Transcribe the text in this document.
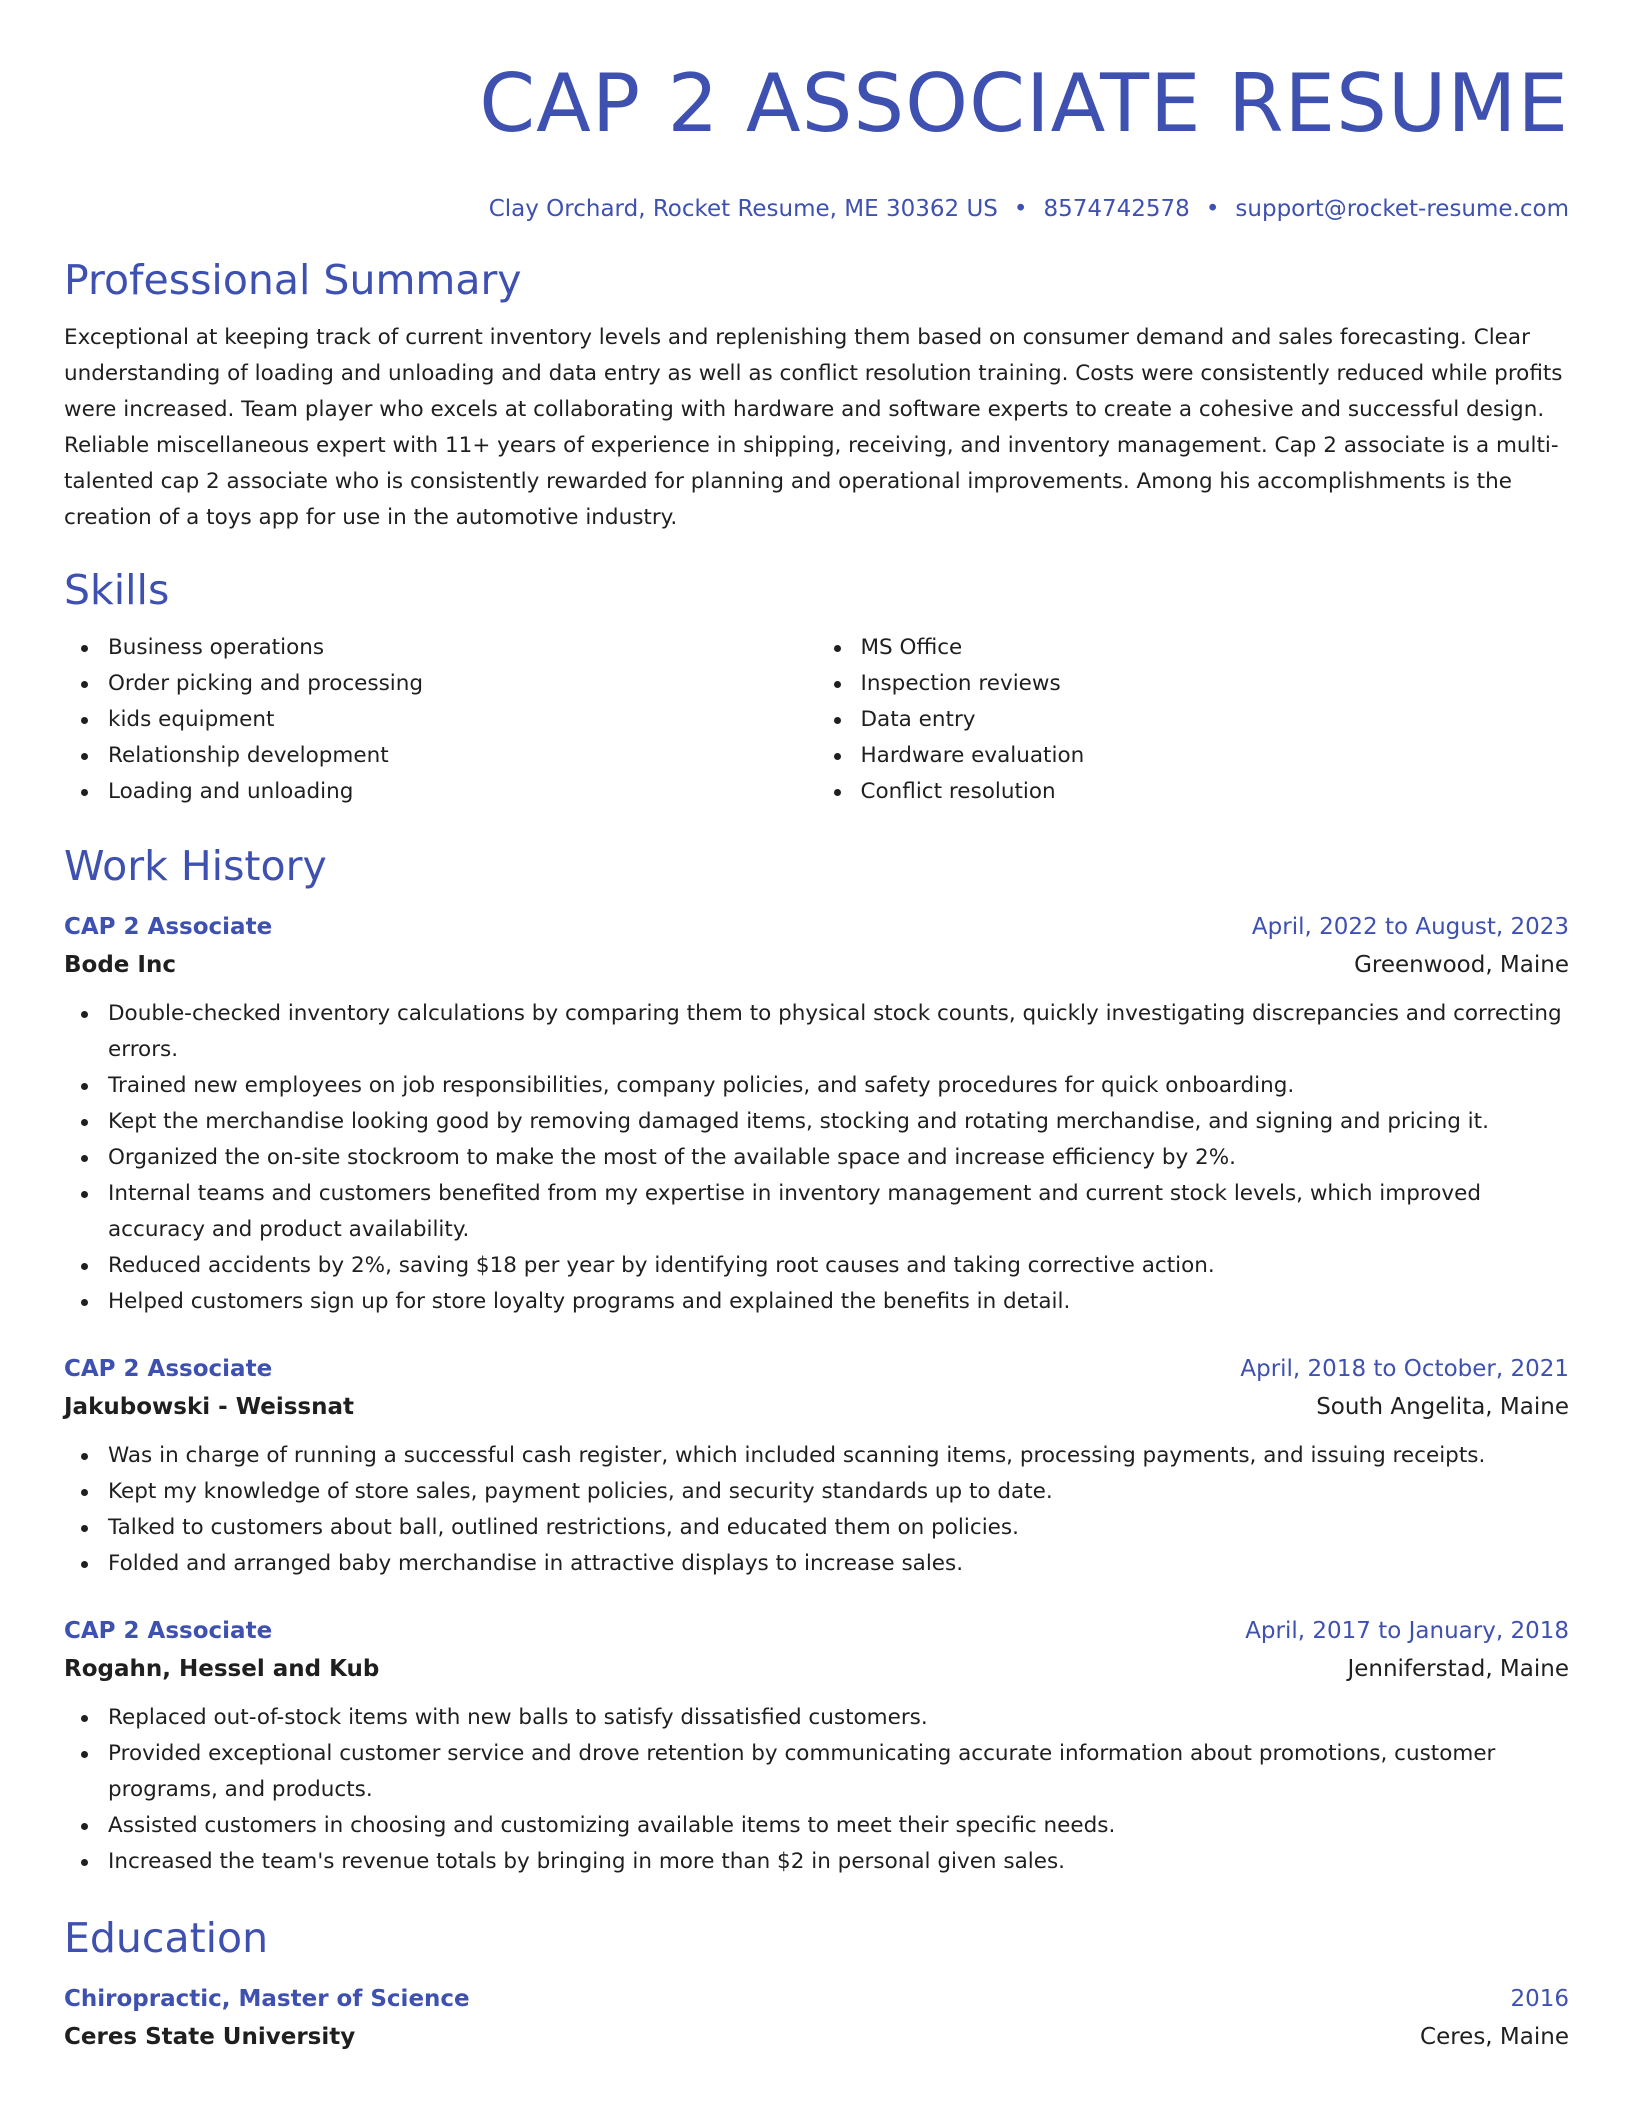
CAP 2 ASSOCIATE RESUME
Clay Orchard, Rocket Resume, ME 30362 US • 8574742578 • support@rocket-resume.com
Professional Summary

Exceptional at keeping track of current inventory levels and replenishing them based on consumer demand and sales forecasting. Clear understanding of loading and unloading and data entry as well as conflict resolution training. Costs were consistently reduced while profits were increased. Team player who excels at collaborating with hardware and software experts to create a cohesive and successful design. Reliable miscellaneous expert with 11+ years of experience in shipping, receiving, and inventory management. Cap 2 associate is a multi-talented cap 2 associate who is consistently rewarded for planning and operational improvements. Among his accomplishments is the creation of a toys app for use in the automotive industry.

Skills
Business operations
Order picking and processing
kids equipment
Relationship development
Loading and unloading
MS Office
Inspection reviews
Data entry
Hardware evaluation
Conflict resolution
Work History
CAP 2 Associate	April, 2022 to August, 2023
Bode Inc	Greenwood, Maine
Double-checked inventory calculations by comparing them to physical stock counts, quickly investigating discrepancies and correcting errors.
Trained new employees on job responsibilities, company policies, and safety procedures for quick onboarding.
Kept the merchandise looking good by removing damaged items, stocking and rotating merchandise, and signing and pricing it.
Organized the on-site stockroom to make the most of the available space and increase efficiency by 2%.
Internal teams and customers benefited from my expertise in inventory management and current stock levels, which improved accuracy and product availability.
Reduced accidents by 2%, saving $18 per year by identifying root causes and taking corrective action.
Helped customers sign up for store loyalty programs and explained the benefits in detail.
CAP 2 Associate	April, 2018 to October, 2021
Jakubowski - Weissnat	South Angelita, Maine
Was in charge of running a successful cash register, which included scanning items, processing payments, and issuing receipts.
Kept my knowledge of store sales, payment policies, and security standards up to date.
Talked to customers about ball, outlined restrictions, and educated them on policies.
Folded and arranged baby merchandise in attractive displays to increase sales.
CAP 2 Associate	April, 2017 to January, 2018
Rogahn, Hessel and Kub	Jenniferstad, Maine
Replaced out-of-stock items with new balls to satisfy dissatisfied customers.
Provided exceptional customer service and drove retention by communicating accurate information about promotions, customer programs, and products.
Assisted customers in choosing and customizing available items to meet their specific needs.
Increased the team's revenue totals by bringing in more than $2 in personal given sales.
Education
Chiropractic, Master of Science	2016
Ceres State University	Ceres, Maine
